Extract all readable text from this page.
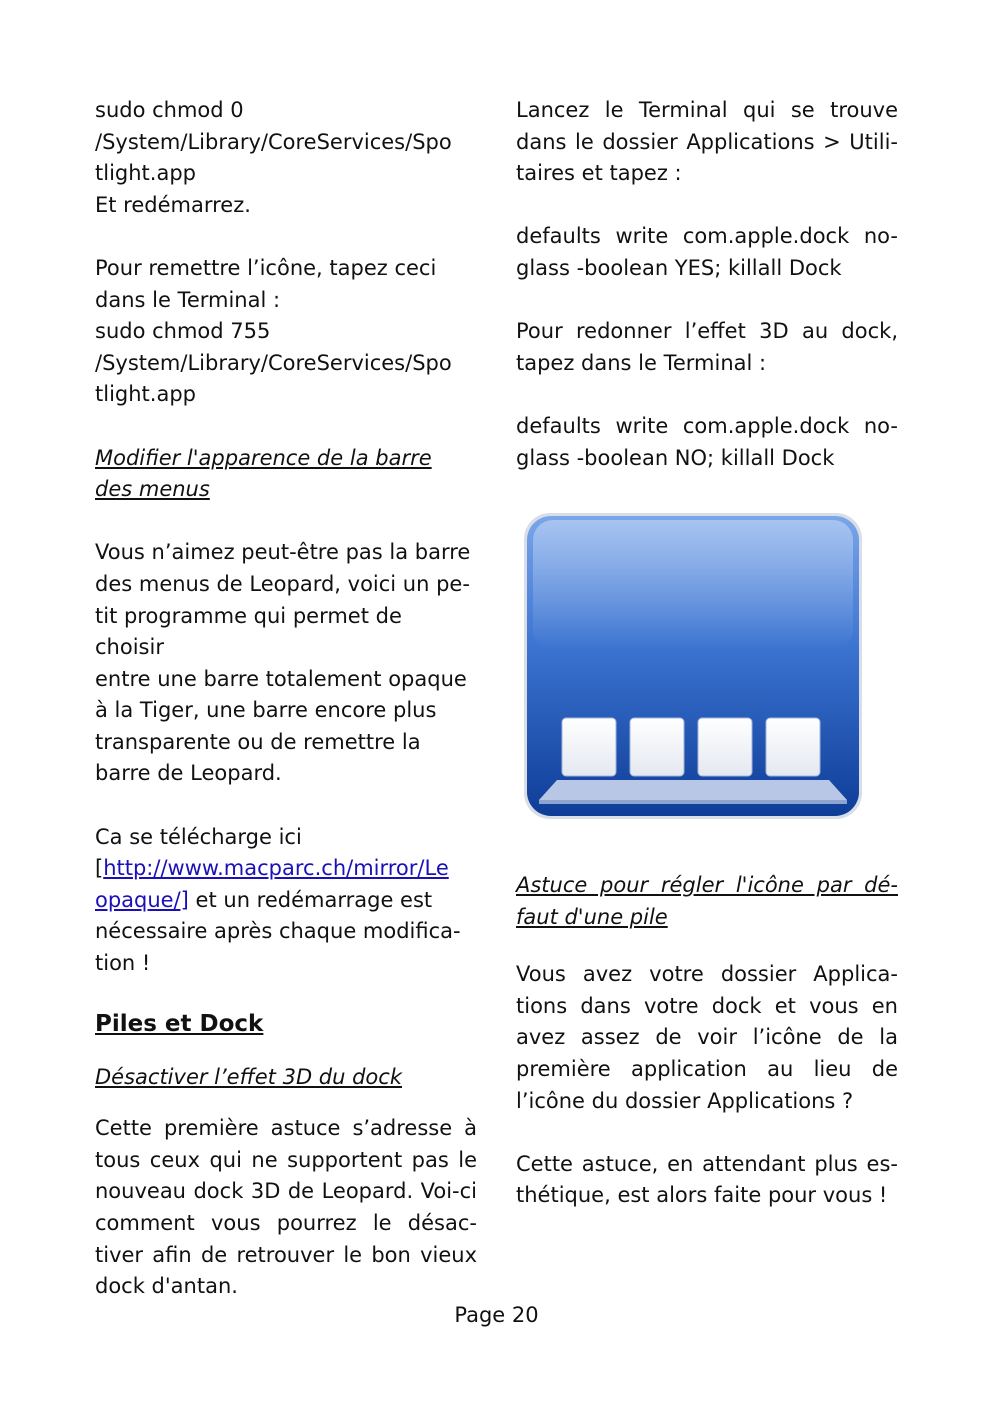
sudo chmod 0
/System/Library/CoreServices/Spo
tlight.app
Et redémarrez.

Pour remettre l’icône, tapez ceci
dans le Terminal :
sudo chmod 755
/System/Library/CoreServices/Spo
tlight.app

Modifier l'apparence de la barre des menus

Vous n’aimez peut-être pas la barre
des menus de Leopard, voici un pe-
tit programme qui permet de choisir
entre une barre totalement opaque
à la Tiger, une barre encore plus
transparente ou de remettre la
barre de Leopard.

Ca se télécharge ici
[http://www.macparc.ch/mirror/Le
opaque/] et un redémarrage est
nécessaire après chaque modifica-
tion !

Piles et Dock

Désactiver l’effet 3D du dock

Cette première astuce s’adresse à tous ceux qui ne supportent pas le nouveau dock 3D de Leopard. Voi-ci comment vous pourrez le désac-tiver afin de retrouver le bon vieux dock d'antan.

Lancez le Terminal qui se trouve dans le dossier Applications > Utili-taires et tapez :

defaults write com.apple.dock no-glass -boolean YES; killall Dock

Pour redonner l’effet 3D au dock, tapez dans le Terminal :

defaults write com.apple.dock no-glass -boolean NO; killall Dock

Astuce pour régler l'icône par dé-faut d'une pile

Vous avez votre dossier Applica-tions dans votre dock et vous en avez assez de voir l’icône de la première application au lieu de l’icône du dossier Applications ?

Cette astuce, en attendant plus es-thétique, est alors faite pour vous !

Page 20
